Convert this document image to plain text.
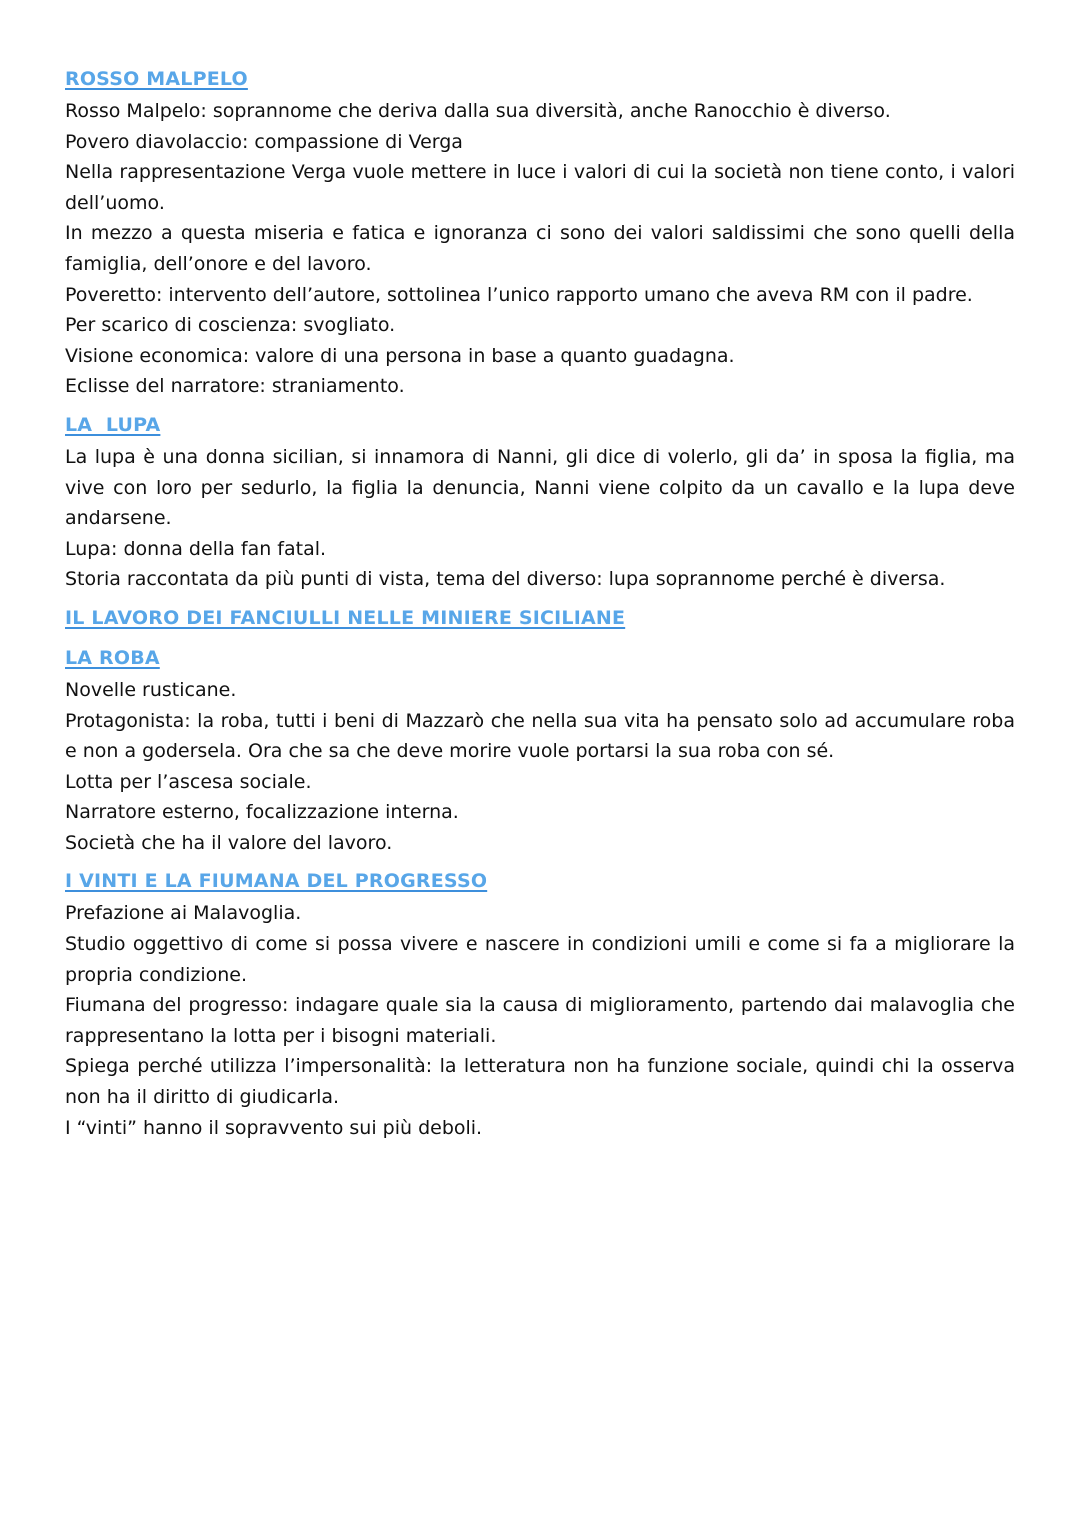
ROSSO MALPELO

Rosso Malpelo: soprannome che deriva dalla sua diversità, anche Ranocchio è diverso.

Povero diavolaccio: compassione di Verga

Nella rappresentazione Verga vuole mettere in luce i valori di cui la società non tiene conto, i valori dell’uomo.

In mezzo a questa miseria e fatica e ignoranza ci sono dei valori saldissimi che sono quelli della famiglia, dell’onore e del lavoro.

Poveretto: intervento dell’autore, sottolinea l’unico rapporto umano che aveva RM con il padre.

Per scarico di coscienza: svogliato.

Visione economica: valore di una persona in base a quanto guadagna.

Eclisse del narratore: straniamento.

LA  LUPA

La lupa è una donna sicilian, si innamora di Nanni, gli dice di volerlo, gli da’ in sposa la figlia, ma vive con loro per sedurlo, la figlia la denuncia, Nanni viene colpito da un cavallo e la lupa deve andarsene.

Lupa: donna della fan fatal.

Storia raccontata da più punti di vista, tema del diverso: lupa soprannome perché è diversa.

IL LAVORO DEI FANCIULLI NELLE MINIERE SICILIANE
LA ROBA

Novelle rusticane.

Protagonista: la roba, tutti i beni di Mazzarò che nella sua vita ha pensato solo ad accumulare roba e non a godersela. Ora che sa che deve morire vuole portarsi la sua roba con sé.

Lotta per l’ascesa sociale.

Narratore esterno, focalizzazione interna.

Società che ha il valore del lavoro.

I VINTI E LA FIUMANA DEL PROGRESSO

Prefazione ai Malavoglia.

Studio oggettivo di come si possa vivere e nascere in condizioni umili e come si fa a migliorare la propria condizione.

Fiumana del progresso: indagare quale sia la causa di miglioramento, partendo dai malavoglia che rappresentano la lotta per i bisogni materiali.

Spiega perché utilizza l’impersonalità: la letteratura non ha funzione sociale, quindi chi la osserva non ha il diritto di giudicarla.

I “vinti” hanno il sopravvento sui più deboli.
